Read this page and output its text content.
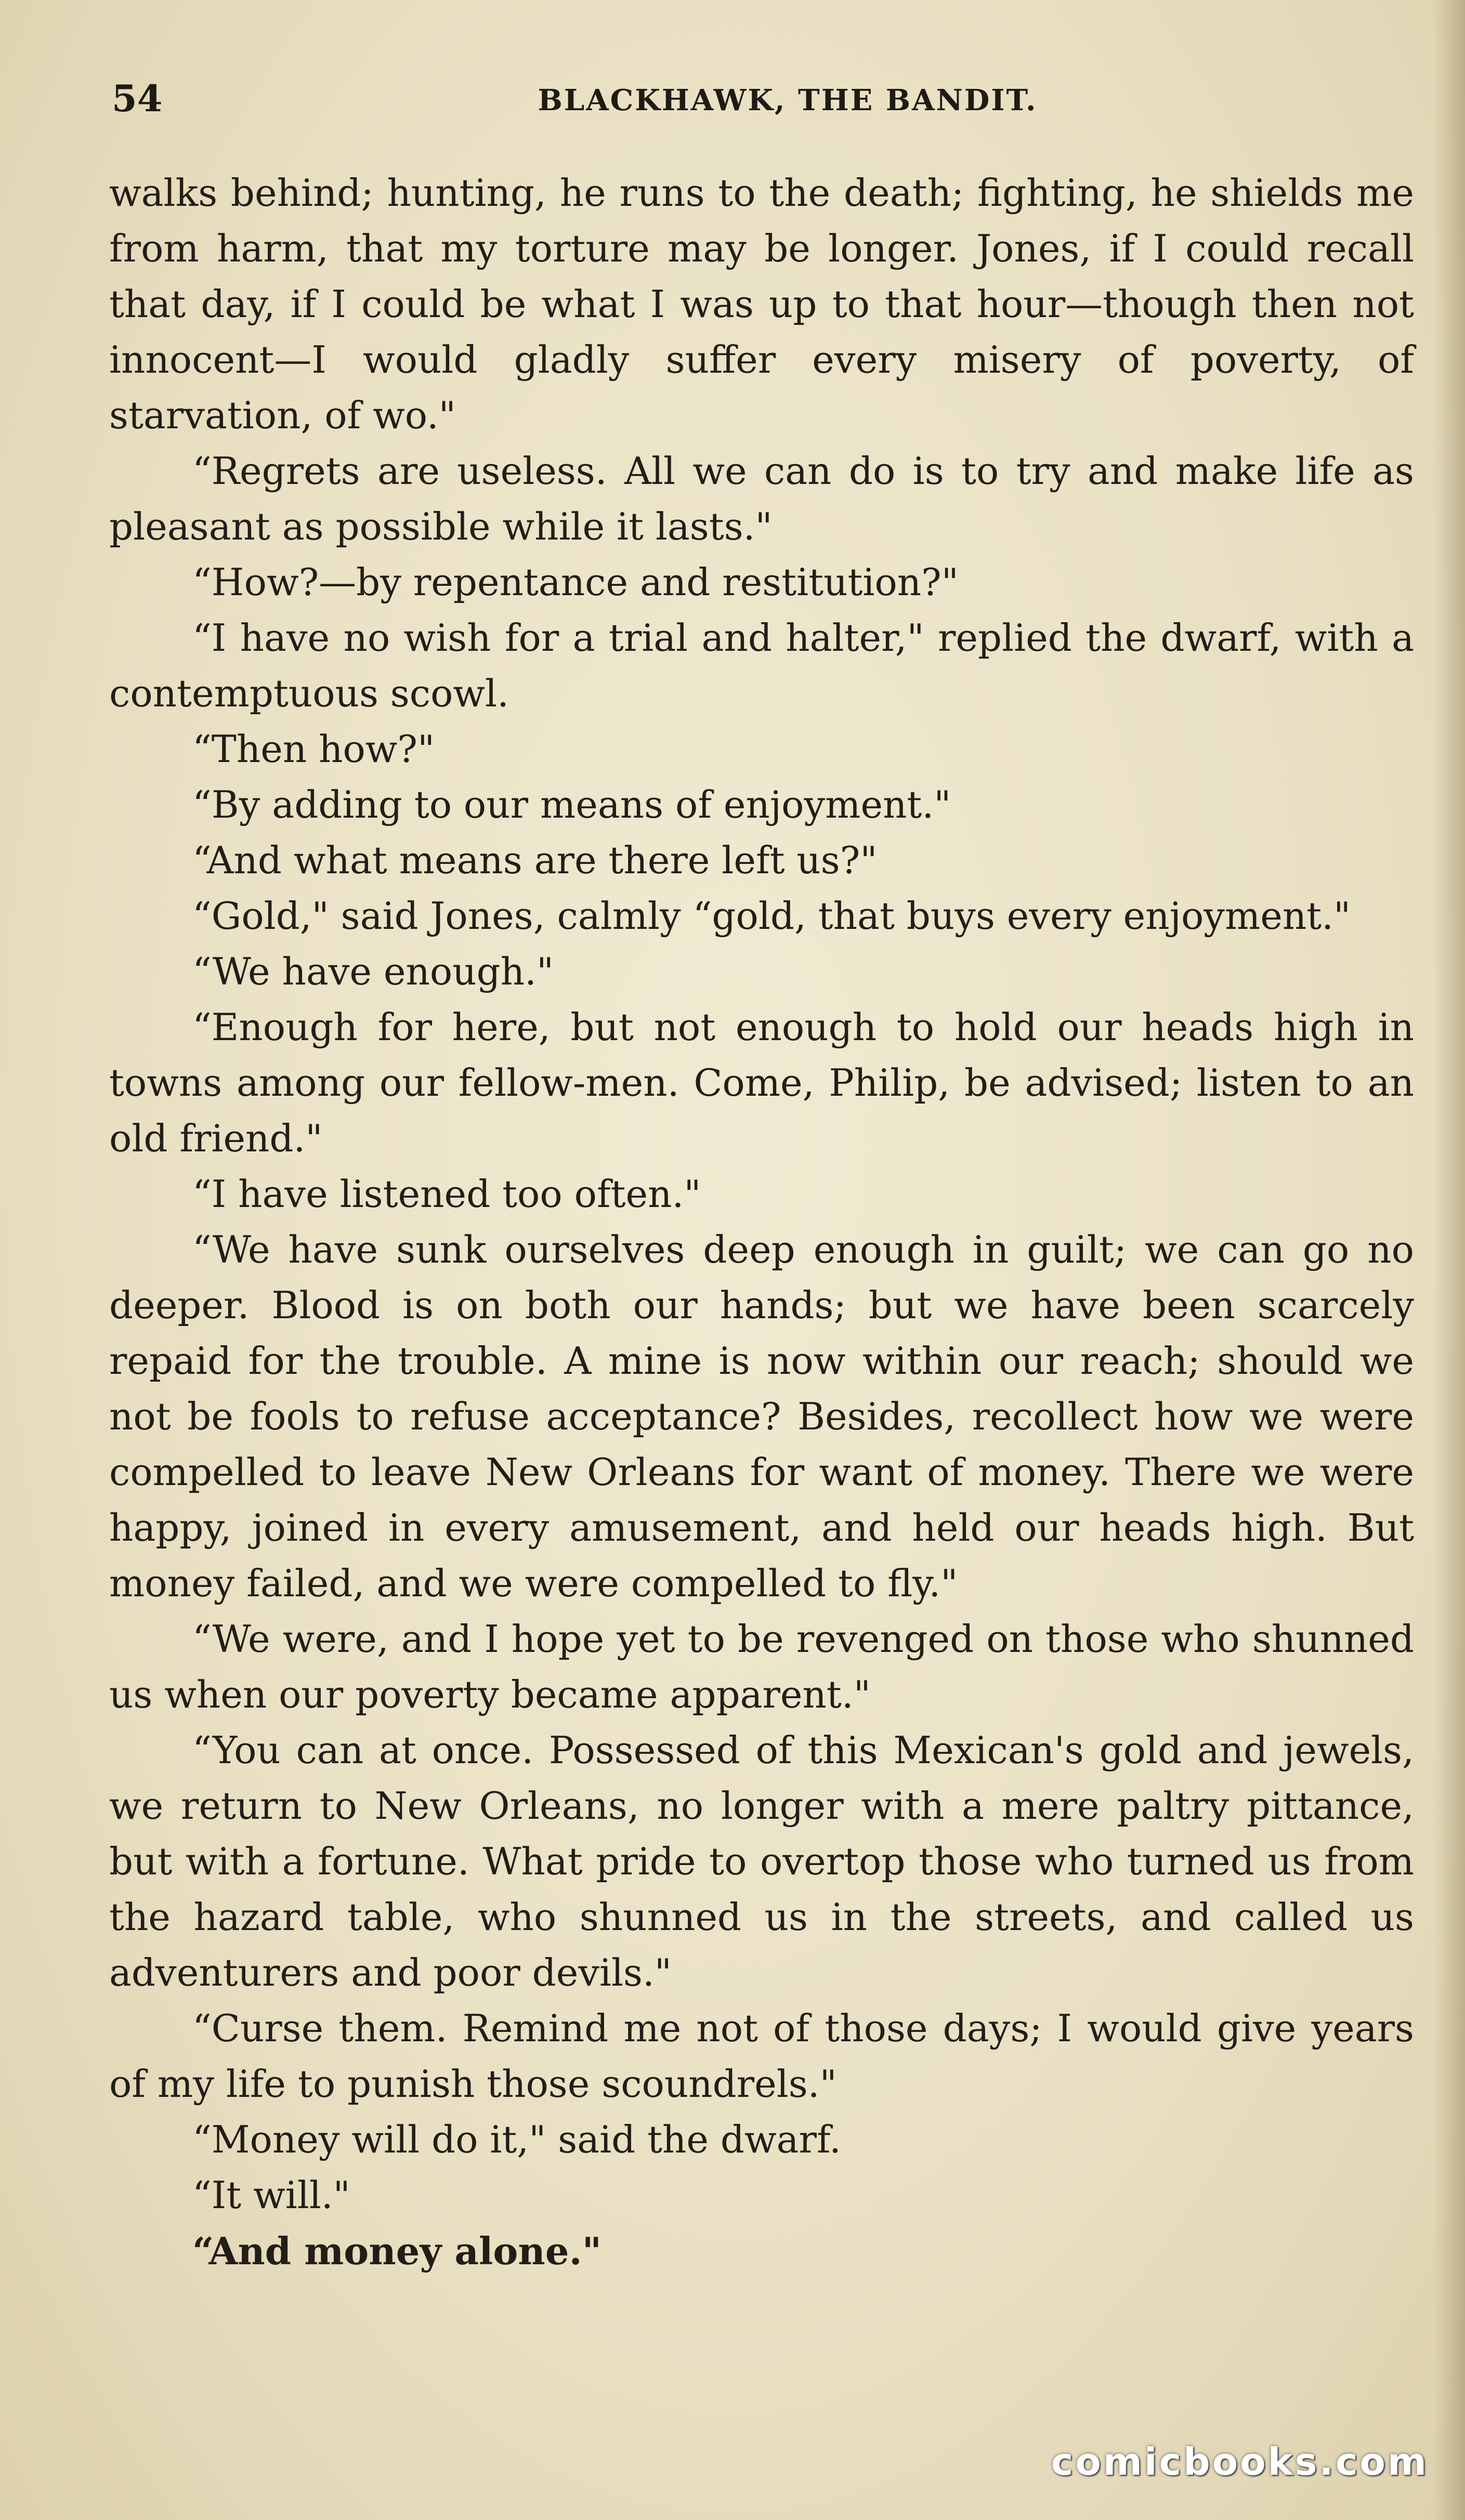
54	BLACKHAWK, THE BANDIT.

walks behind; hunting, he runs to the death; fighting, he shields me from harm, that my torture may be longer. Jones, if I could recall that day, if I could be what I was up to that hour—though then not innocent—I would gladly suffer every misery of poverty, of starvation, of wo."

“Regrets are useless. All we can do is to try and make life as pleasant as possible while it lasts."

“How?—by repentance and restitution?"

“I have no wish for a trial and halter," replied the dwarf, with a contemptuous scowl.

“Then how?"

“By adding to our means of enjoyment."

“And what means are there left us?"

“Gold," said Jones, calmly “gold, that buys every enjoyment."

“We have enough."

“Enough for here, but not enough to hold our heads high in towns among our fellow-men. Come, Philip, be advised; listen to an old friend."

“I have listened too often."

“We have sunk ourselves deep enough in guilt; we can go no deeper. Blood is on both our hands; but we have been scarcely repaid for the trouble. A mine is now within our reach; should we not be fools to refuse acceptance? Besides, recollect how we were compelled to leave New Orleans for want of money. There we were happy, joined in every amusement, and held our heads high. But money failed, and we were compelled to fly."

“We were, and I hope yet to be revenged on those who shunned us when our poverty became apparent."

“You can at once. Possessed of this Mexican's gold and jewels, we return to New Orleans, no longer with a mere paltry pittance, but with a fortune. What pride to overtop those who turned us from the hazard table, who shunned us in the streets, and called us adventurers and poor devils."

“Curse them. Remind me not of those days; I would give years of my life to punish those scoundrels."

“Money will do it," said the dwarf.

“It will."

“And money alone."

comicbooks.com
